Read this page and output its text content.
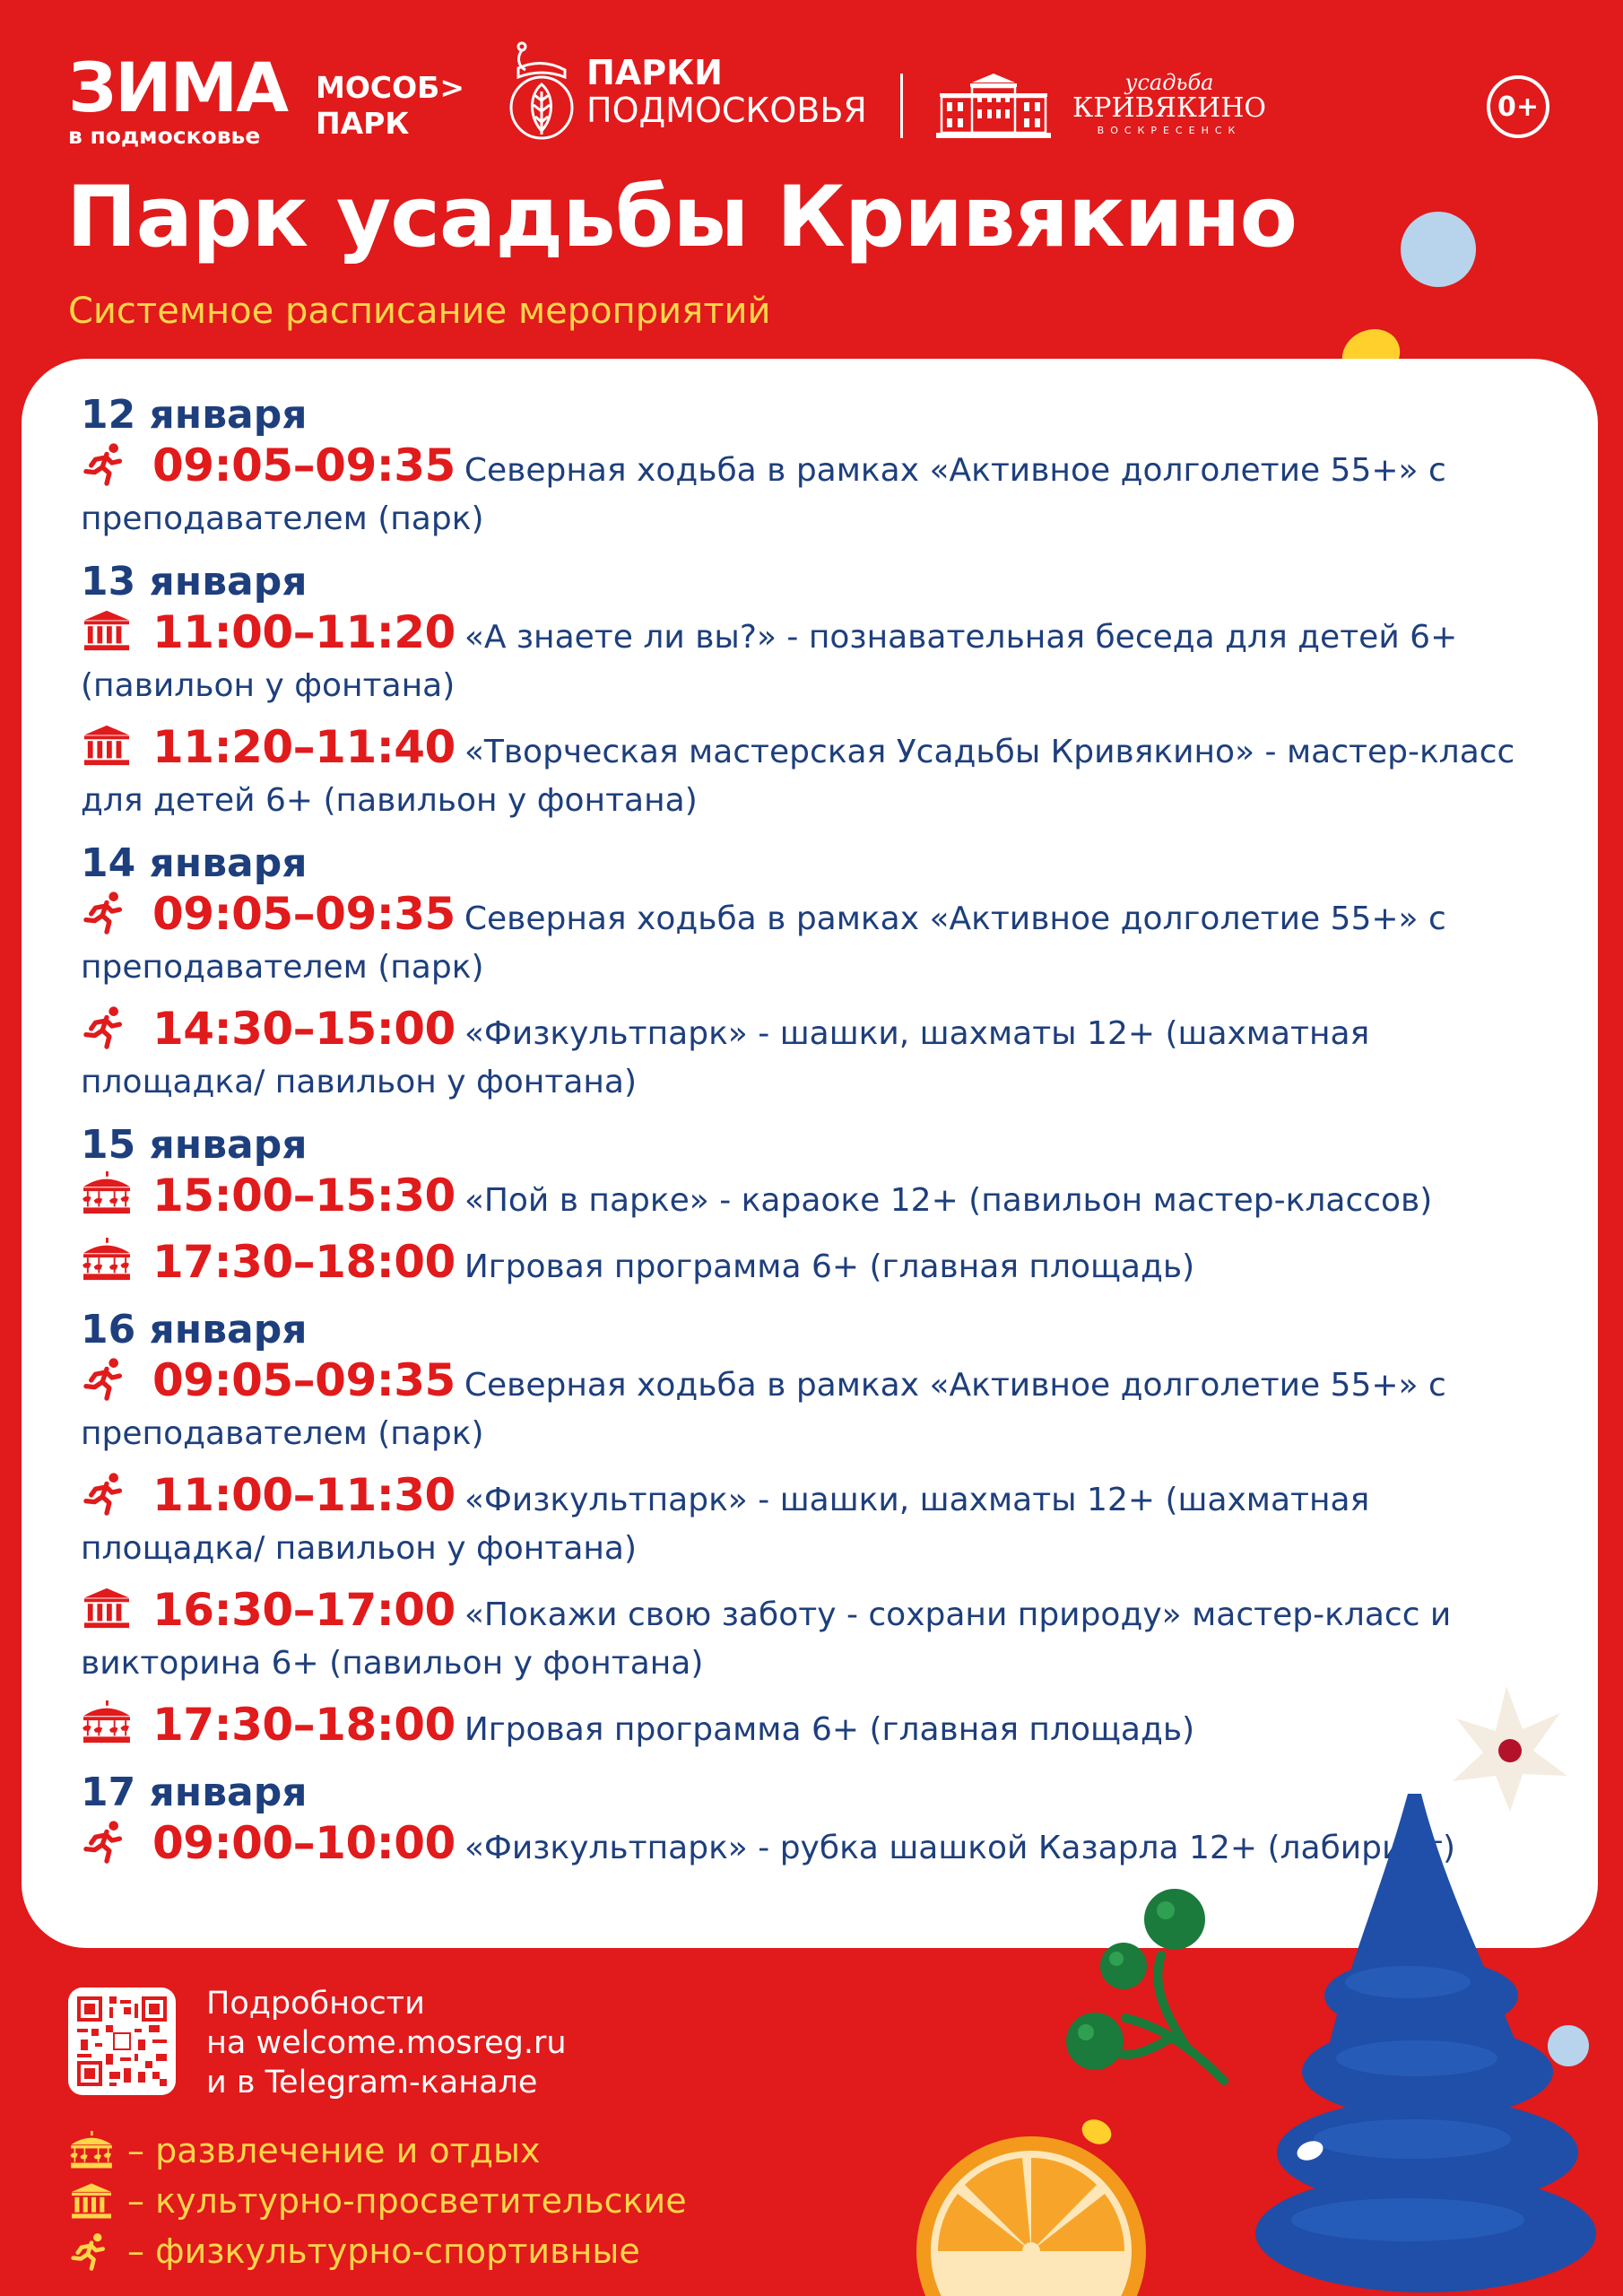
ЗИМА
в подмосковье
МОСОБ>
ПАРК
ПАРКИ
ПОДМОСКОВЬЯ
усадьба
КРИВЯКИНО
ВОСКРЕСЕНСК
0+
Парк усадьбы Кривякино
Системное расписание мероприятий
12 января
09:05–09:35 Северная ходьба в рамках «Активное долголетие 55+» с преподавателем (парк)
13 января
11:00–11:20 «А знаете ли вы?» - познавательная беседа для детей 6+ (павильон у фонтана)
11:20–11:40 «Творческая мастерская Усадьбы Кривякино» - мастер-класс для детей 6+ (павильон у фонтана)
14 января
09:05–09:35 Северная ходьба в рамках «Активное долголетие 55+» с преподавателем (парк)
14:30–15:00 «Физкультпарк» - шашки, шахматы 12+ (шахматная площадка/ павильон у фонтана)
15 января
15:00–15:30 «Пой в парке» - караоке 12+ (павильон мастер-классов)
17:30–18:00 Игровая программа 6+ (главная площадь)
16 января
09:05–09:35 Северная ходьба в рамках «Активное долголетие 55+» с преподавателем (парк)
11:00–11:30 «Физкультпарк» - шашки, шахматы 12+ (шахматная площадка/ павильон у фонтана)
16:30–17:00 «Покажи свою заботу - сохрани природу» мастер-класс и викторина 6+ (павильон у фонтана)
17:30–18:00 Игровая программа 6+ (главная площадь)
17 января
09:00–10:00 «Физкультпарк» - рубка шашкой Казарла 12+ (лабиринт)
Подробности
на welcome.mosreg.ru
и в Telegram-канале
– развлечение и отдых
– культурно-просветительские
– физкультурно-спортивные
